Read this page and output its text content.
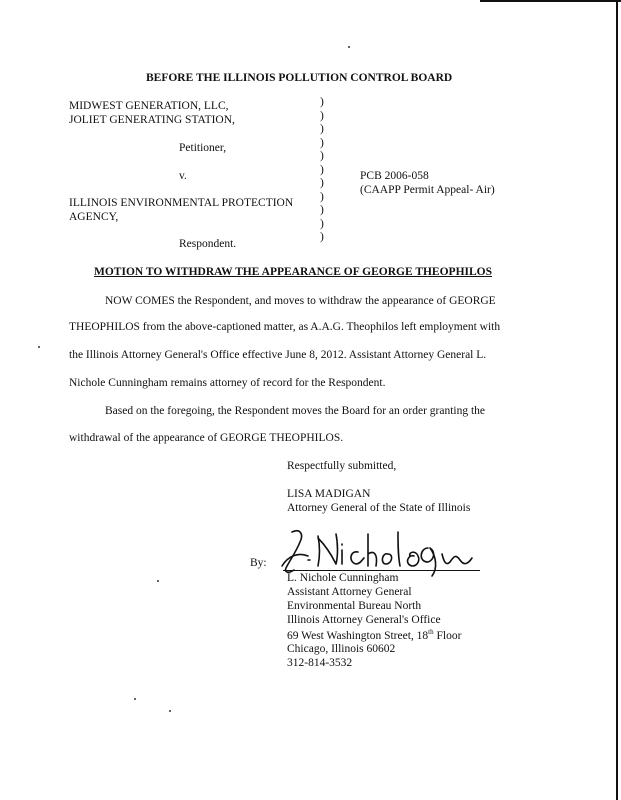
BEFORE THE ILLINOIS POLLUTION CONTROL BOARD
MIDWEST GENERATION, LLC,
JOLIET GENERATING STATION,
Petitioner,
v.
ILLINOIS ENVIRONMENTAL PROTECTION
AGENCY,
Respondent.
)
)
)
)
)
)
)
)
)
)
)
PCB 2006-058
(CAAPP Permit Appeal- Air)
MOTION TO WITHDRAW THE APPEARANCE OF GEORGE THEOPHILOS
NOW COMES the Respondent, and moves to withdraw the appearance of GEORGE
THEOPHILOS from the above-captioned matter, as A.A.G. Theophilos left employment with
the Illinois Attorney General's Office effective June 8, 2012. Assistant Attorney General L.
Nichole Cunningham remains attorney of record for the Respondent.
Based on the foregoing, the Respondent moves the Board for an order granting the
withdrawal of the appearance of GEORGE THEOPHILOS.
Respectfully submitted,
LISA MADIGAN
Attorney General of the State of Illinois
By:
L. Nichole Cunningham
Assistant Attorney General
Environmental Bureau North
Illinois Attorney General's Office
69 West Washington Street, 18th Floor
Chicago, Illinois 60602
312-814-3532
